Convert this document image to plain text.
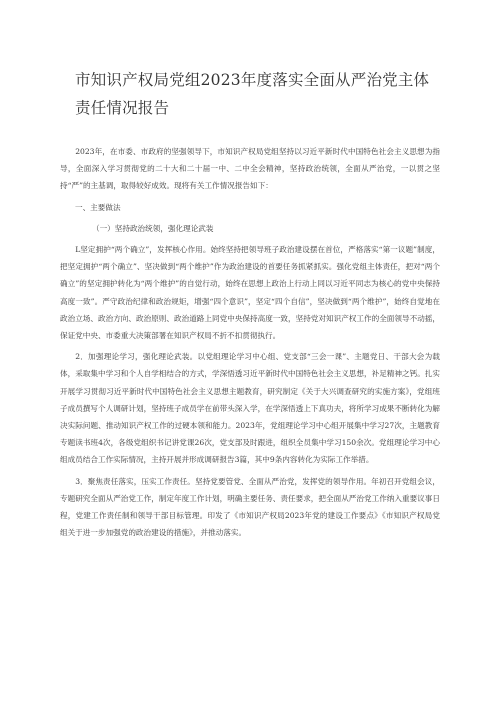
市知识产权局党组2023年度落实全面从严治党主体责任情况报告

2023年，在市委、市政府的坚强领导下，市知识产权局党组坚持以习近平新时代中国特色社会主义思想为指导，全面深入学习贯彻党的二十大和二十届一中、二中全会精神，坚持政治统领，全面从严治党，一以贯之坚持“严”的主基调，取得较好成效。现将有关工作情况报告如下：

一、主要做法

（一）坚持政治统领，强化理论武装

L坚定拥护“两个确立”，发挥核心作用。始终坚持把领导班子政治建设摆在首位，严格落实“第一议题”制度，把坚定拥护“两个确立”、坚决做到“两个维护”作为政治建设的首要任务抓紧抓实。强化党组主体责任，把对“两个确立”的坚定拥护转化为“两个维护”的自觉行动，始终在思想上政治上行动上同以习近平同志为核心的党中央保持高度一致”。严守政治纪律和政治规矩，增强“四个意识”，坚定“四个自信”，坚决做到“两个维护”，始终自觉地在政治立场、政治方向、政治原则、政治道路上同党中央保持高度一致，坚持党对知识产权工作的全面领导不动摇，保证党中央、市委重大决策部署在知识产权局不折不扣贯彻执行。

2．加强理论学习，强化理论武装。以党组理论学习中心组、党支部“三会一课”、主题党日、干部大会为载体，采取集中学习和个人自学相结合的方式，学深悟透习近平新时代中国特色社会主义思想，补足精神之钙。扎实开展学习贯彻习近平新时代中国特色社会主义思想主题教育，研究制定《关于大兴调查研究的实施方案》，党组班子成员撰写个人调研计划，坚持班子成员学在前带头深入学，在学深悟透上下真功夫，将所学习成果不断转化为解决实际问题、推动知识产权工作的过硬本领和能力。2023年，党组理论学习中心组开展集中学习27次，主题教育专题读书班4次，各级党组织书记讲党课26次，党支部及时跟进，组织全员集中学习150余次。党组理论学习中心组成员结合工作实际情况，主持开展并形成调研报告3篇，其中9条内容转化为实际工作举措。

3．聚焦责任落实，压实工作责任。坚持党要管党、全面从严治党，发挥党的领导作用。年初召开党组会议，专题研究全面从严治党工作，制定年度工作计划，明确主要任务、责任要求，把全面从严治党工作纳入重要议事日程，党建工作责任制和领导干部目标管理。印发了《市知识产权局2023年党的建设工作要点》《市知识产权局党组关于进一步加强党的政治建设的措施》，并推动落实。
